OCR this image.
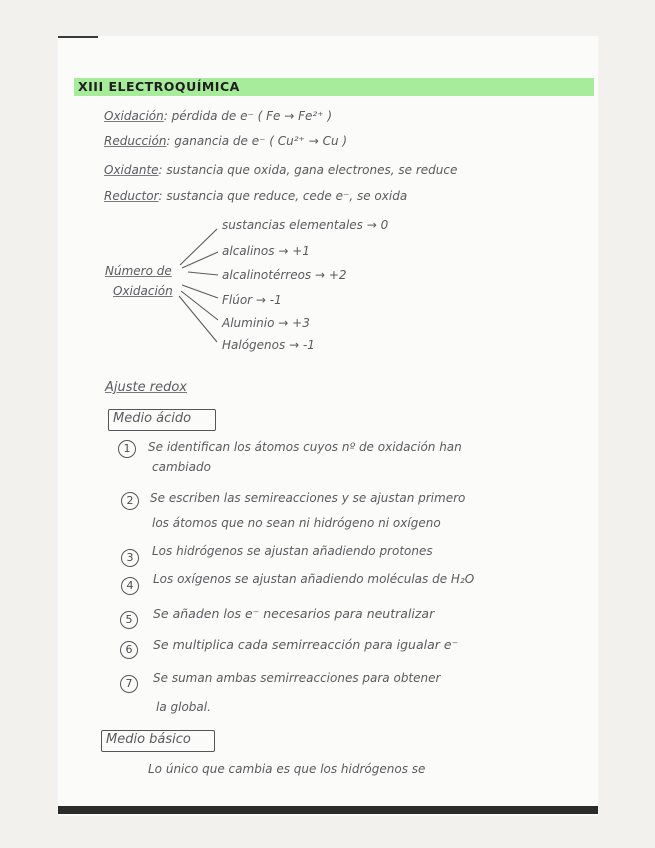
XIII ELECTROQUÍMICA
Oxidación: pérdida de e⁻ ( Fe → Fe²⁺ )
Reducción: ganancia de e⁻ ( Cu²⁺ → Cu )
Oxidante: sustancia que oxida, gana electrones, se reduce
Reductor: sustancia que reduce, cede e⁻, se oxida
Número de
Oxidación
sustancias elementales → 0
alcalinos → +1
alcalinotérreos → +2
Flúor → -1
Aluminio → +3
Halógenos → -1
Ajuste redox
Medio ácido
1	Se identifican los átomos cuyos nº de oxidación han
cambiado
2	Se escriben las semireacciones y se ajustan primero
los átomos que no sean ni hidrógeno ni oxígeno
3	Los hidrógenos se ajustan añadiendo protones
4	Los oxígenos se ajustan añadiendo moléculas de H₂O
5	Se añaden los e⁻ necesarios para neutralizar
6	Se multiplica cada semirreacción para igualar e⁻
7	Se suman ambas semirreacciones para obtener
la global.
Medio básico
Lo único que cambia es que los hidrógenos se
